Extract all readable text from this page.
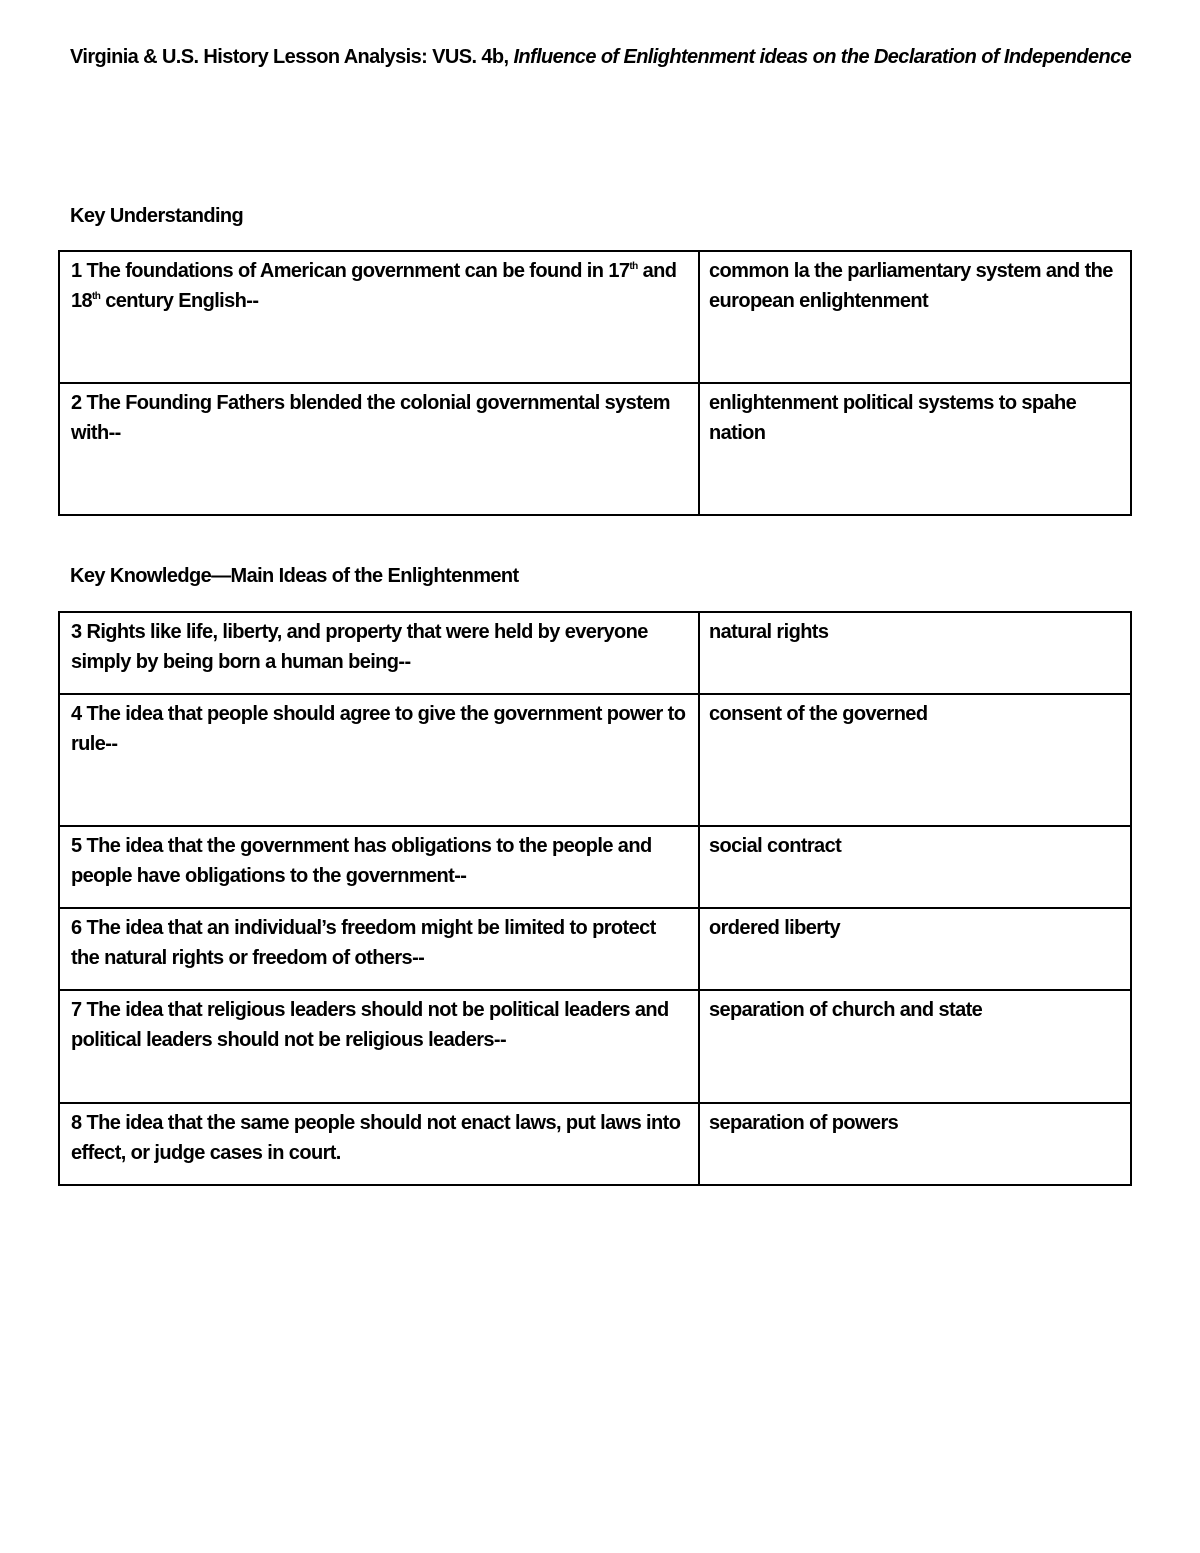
Virginia & U.S. History Lesson Analysis: VUS. 4b, Influence of Enlightenment ideas on the Declaration of Independence
Key Understanding
1 The foundations of American government can be found in 17th and 18th century English--	common la the parliamentary system and the european enlightenment
2 The Founding Fathers blended the colonial governmental system with--	enlightenment political systems to spahe nation
Key Knowledge—Main Ideas of the Enlightenment
3 Rights like life, liberty, and property that were held by everyone simply by being born a human being--	natural rights
4 The idea that people should agree to give the government power to rule--	consent of the governed
5 The idea that the government has obligations to the people and people have obligations to the government--	social contract
6 The idea that an individual’s freedom might be limited to protect the natural rights or freedom of others--	ordered liberty
7 The idea that religious leaders should not be political leaders and political leaders should not be religious leaders--	separation of church and state
8 The idea that the same people should not enact laws, put laws into effect, or judge cases in court.	separation of powers
